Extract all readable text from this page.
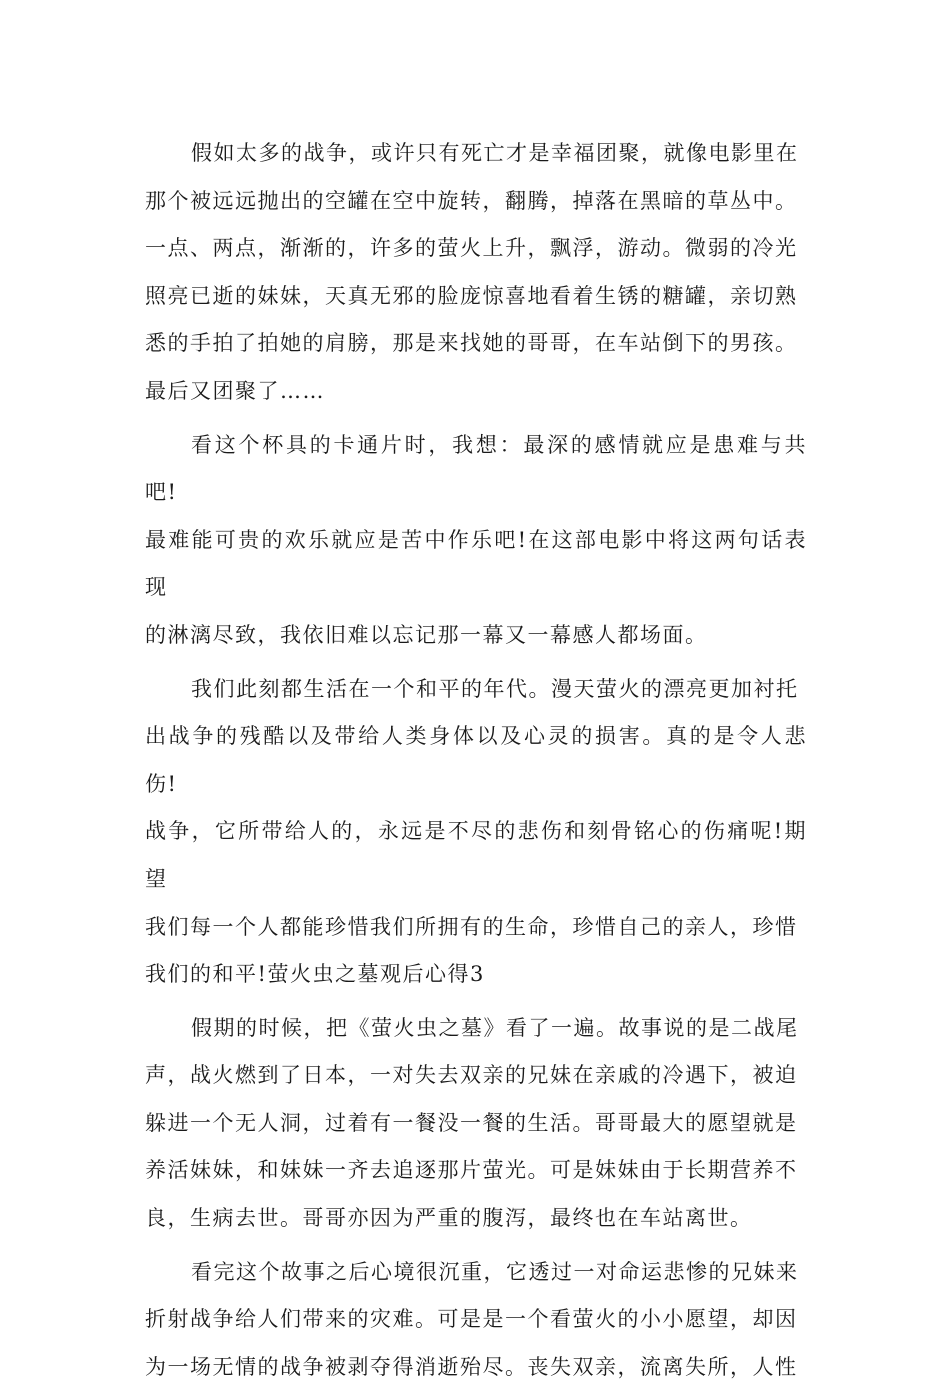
假如太多的战争，或许只有死亡才是幸福团聚，就像电影里在
那个被远远抛出的空罐在空中旋转，翻腾，掉落在黑暗的草丛中。
一点、两点，渐渐的，许多的萤火上升，飘浮，游动。微弱的冷光
照亮已逝的妹妹，天真无邪的脸庞惊喜地看着生锈的糖罐，亲切熟
悉的手拍了拍她的肩膀，那是来找她的哥哥，在车站倒下的男孩。
最后又团聚了……

看这个杯具的卡通片时，我想：最深的感情就应是患难与共吧!
最难能可贵的欢乐就应是苦中作乐吧!在这部电影中将这两句话表现
的淋漓尽致，我依旧难以忘记那一幕又一幕感人都场面。

我们此刻都生活在一个和平的年代。漫天萤火的漂亮更加衬托
出战争的残酷以及带给人类身体以及心灵的损害。真的是令人悲伤!
战争，它所带给人的，永远是不尽的悲伤和刻骨铭心的伤痛呢!期望
我们每一个人都能珍惜我们所拥有的生命，珍惜自己的亲人，珍惜
我们的和平!萤火虫之墓观后心得3

假期的时候，把《萤火虫之墓》看了一遍。故事说的是二战尾
声，战火燃到了日本，一对失去双亲的兄妹在亲戚的冷遇下，被迫
躲进一个无人洞，过着有一餐没一餐的生活。哥哥最大的愿望就是
养活妹妹，和妹妹一齐去追逐那片萤光。可是妹妹由于长期营养不
良，生病去世。哥哥亦因为严重的腹泻，最终也在车站离世。

看完这个故事之后心境很沉重，它透过一对命运悲惨的兄妹来
折射战争给人们带来的灾难。可是是一个看萤火的小小愿望，却因
为一场无情的战争被剥夺得消逝殆尽。丧失双亲，流离失所，人性
